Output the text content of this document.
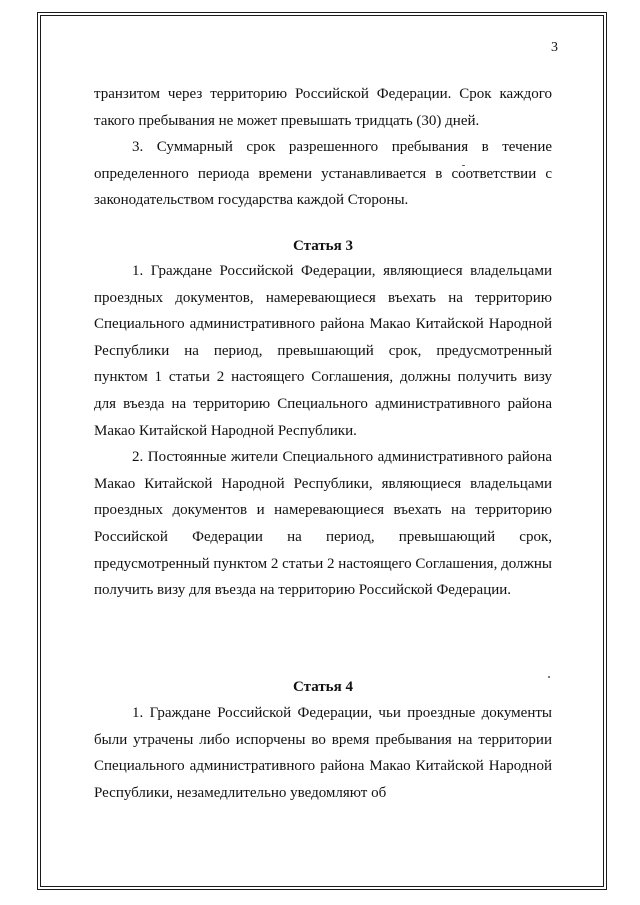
3

транзитом через территорию Российской Федерации. Срок каждого такого пребывания не может превышать тридцать (30) дней.

3. Суммарный срок разрешенного пребывания в течение определенного периода времени устанавливается в соответствии с законодательством государства каждой Стороны.

Статья 3

1. Граждане Российской Федерации, являющиеся владельцами проездных документов, намеревающиеся въехать на территорию Специального административного района Макао Китайской Народной Республики на период, превышающий срок, предусмотренный пунктом 1 статьи 2 настоящего Соглашения, должны получить визу для въезда на территорию Специального административного района Макао Китайской Народной Республики.

2. Постоянные жители Специального административного района Макао Китайской Народной Республики, являющиеся владельцами проездных документов и намеревающиеся въехать на территорию Российской Федерации на период, превышающий срок, предусмотренный пунктом 2 статьи 2 настоящего Соглашения, должны получить визу для въезда на территорию Российской Федерации.

Статья 4

1. Граждане Российской Федерации, чьи проездные документы были утрачены либо испорчены во время пребывания на территории Специального административного района Макао Китайской Народной Республики, незамедлительно уведомляют об
